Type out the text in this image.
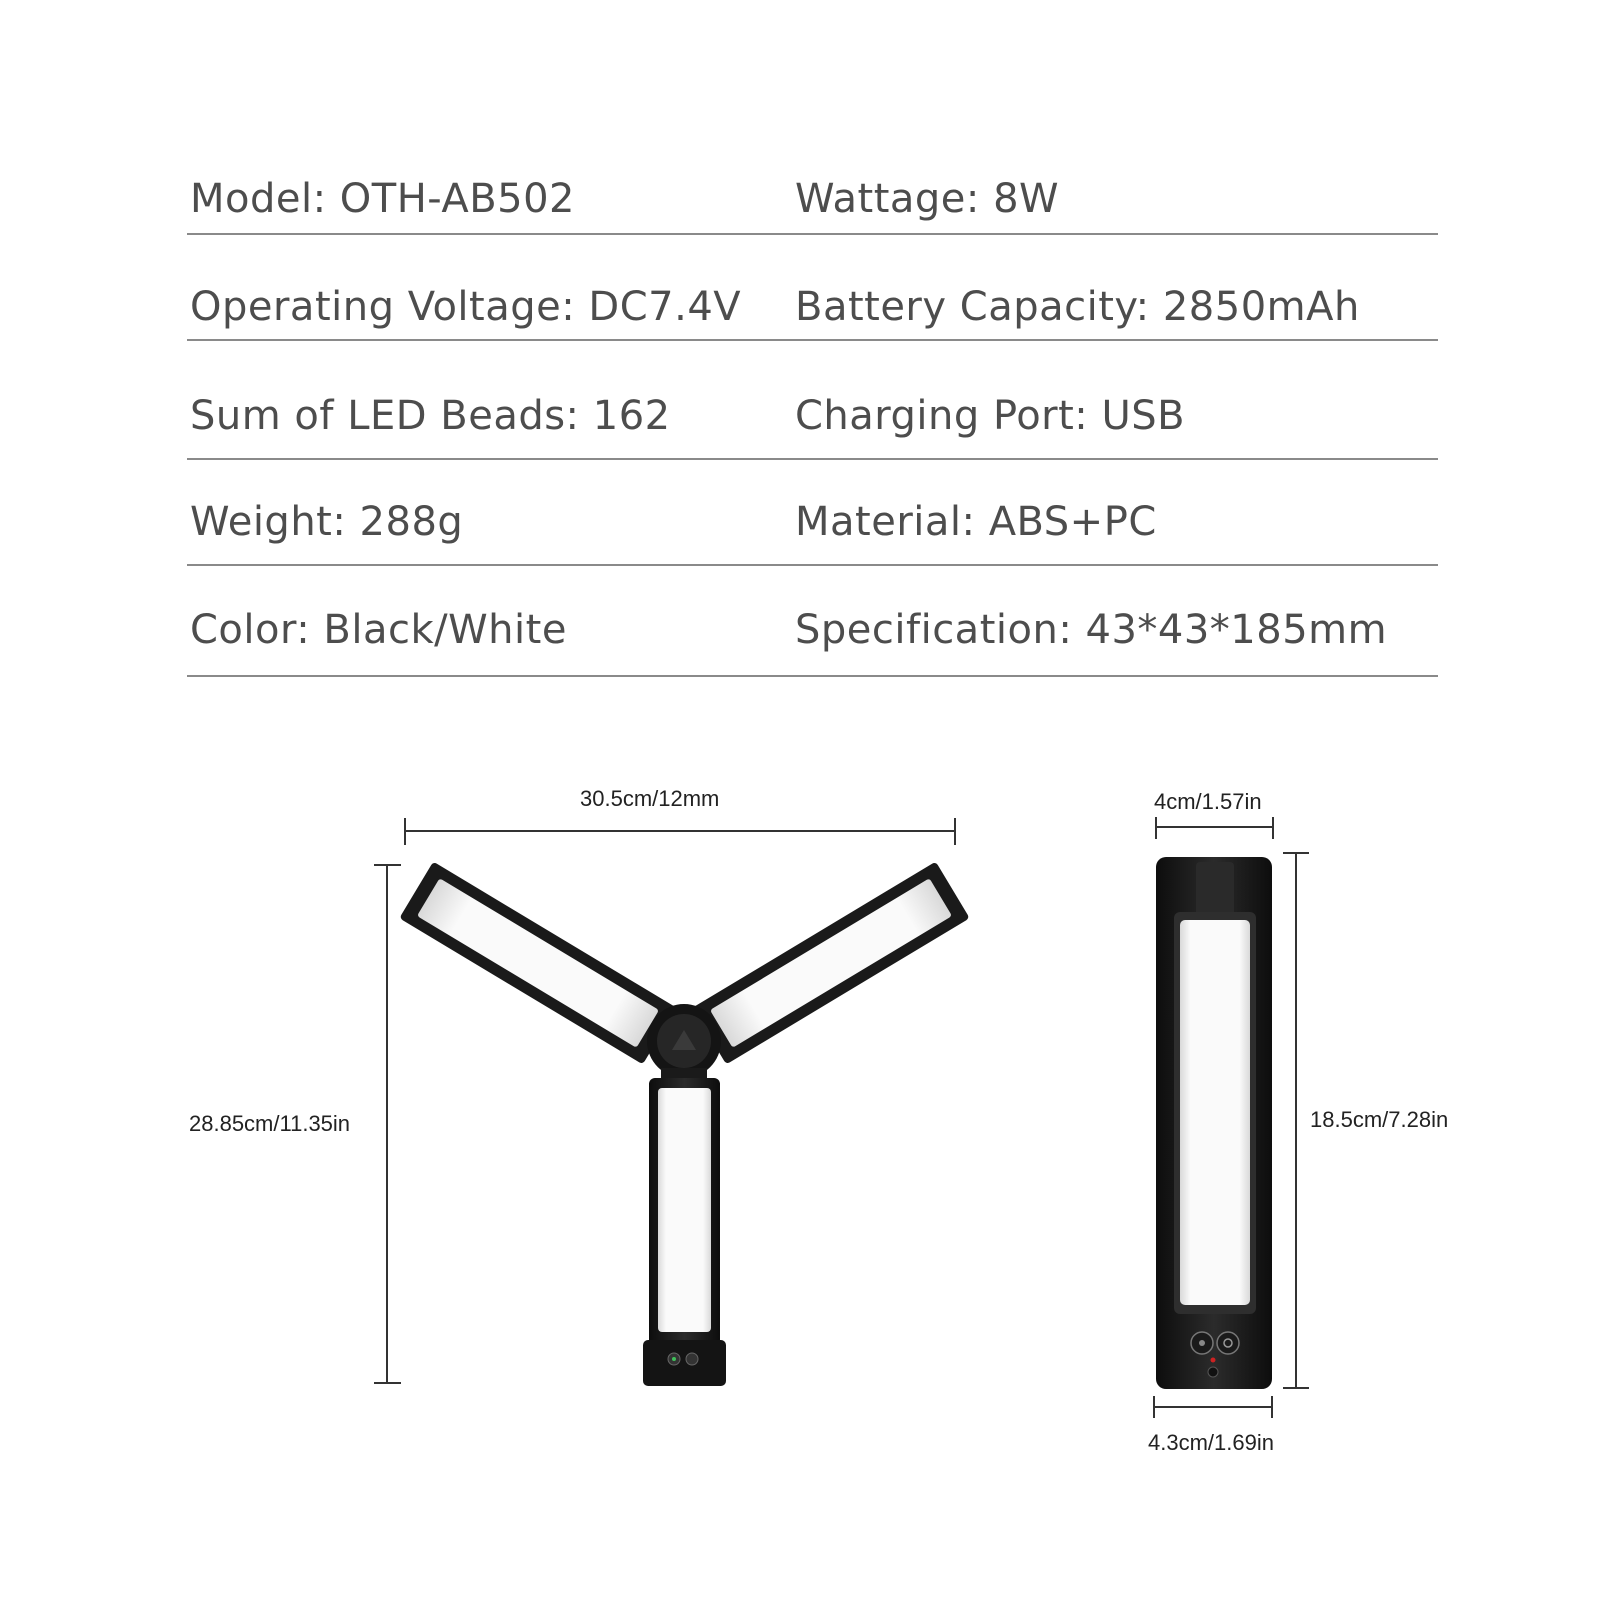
Model: OTH-AB502	Wattage: 8W
Operating Voltage: DC7.4V Battery Capacity: 2850mAh
Sum of LED Beads: 162	Charging Port: USB
Weight: 288g	Material: ABS+PC
Color: Black/White	Specification: 43*43*185mm
30.5cm/12mm
28.85cm/11.35in
4cm/1.57in
18.5cm/7.28in
4.3cm/1.69in
